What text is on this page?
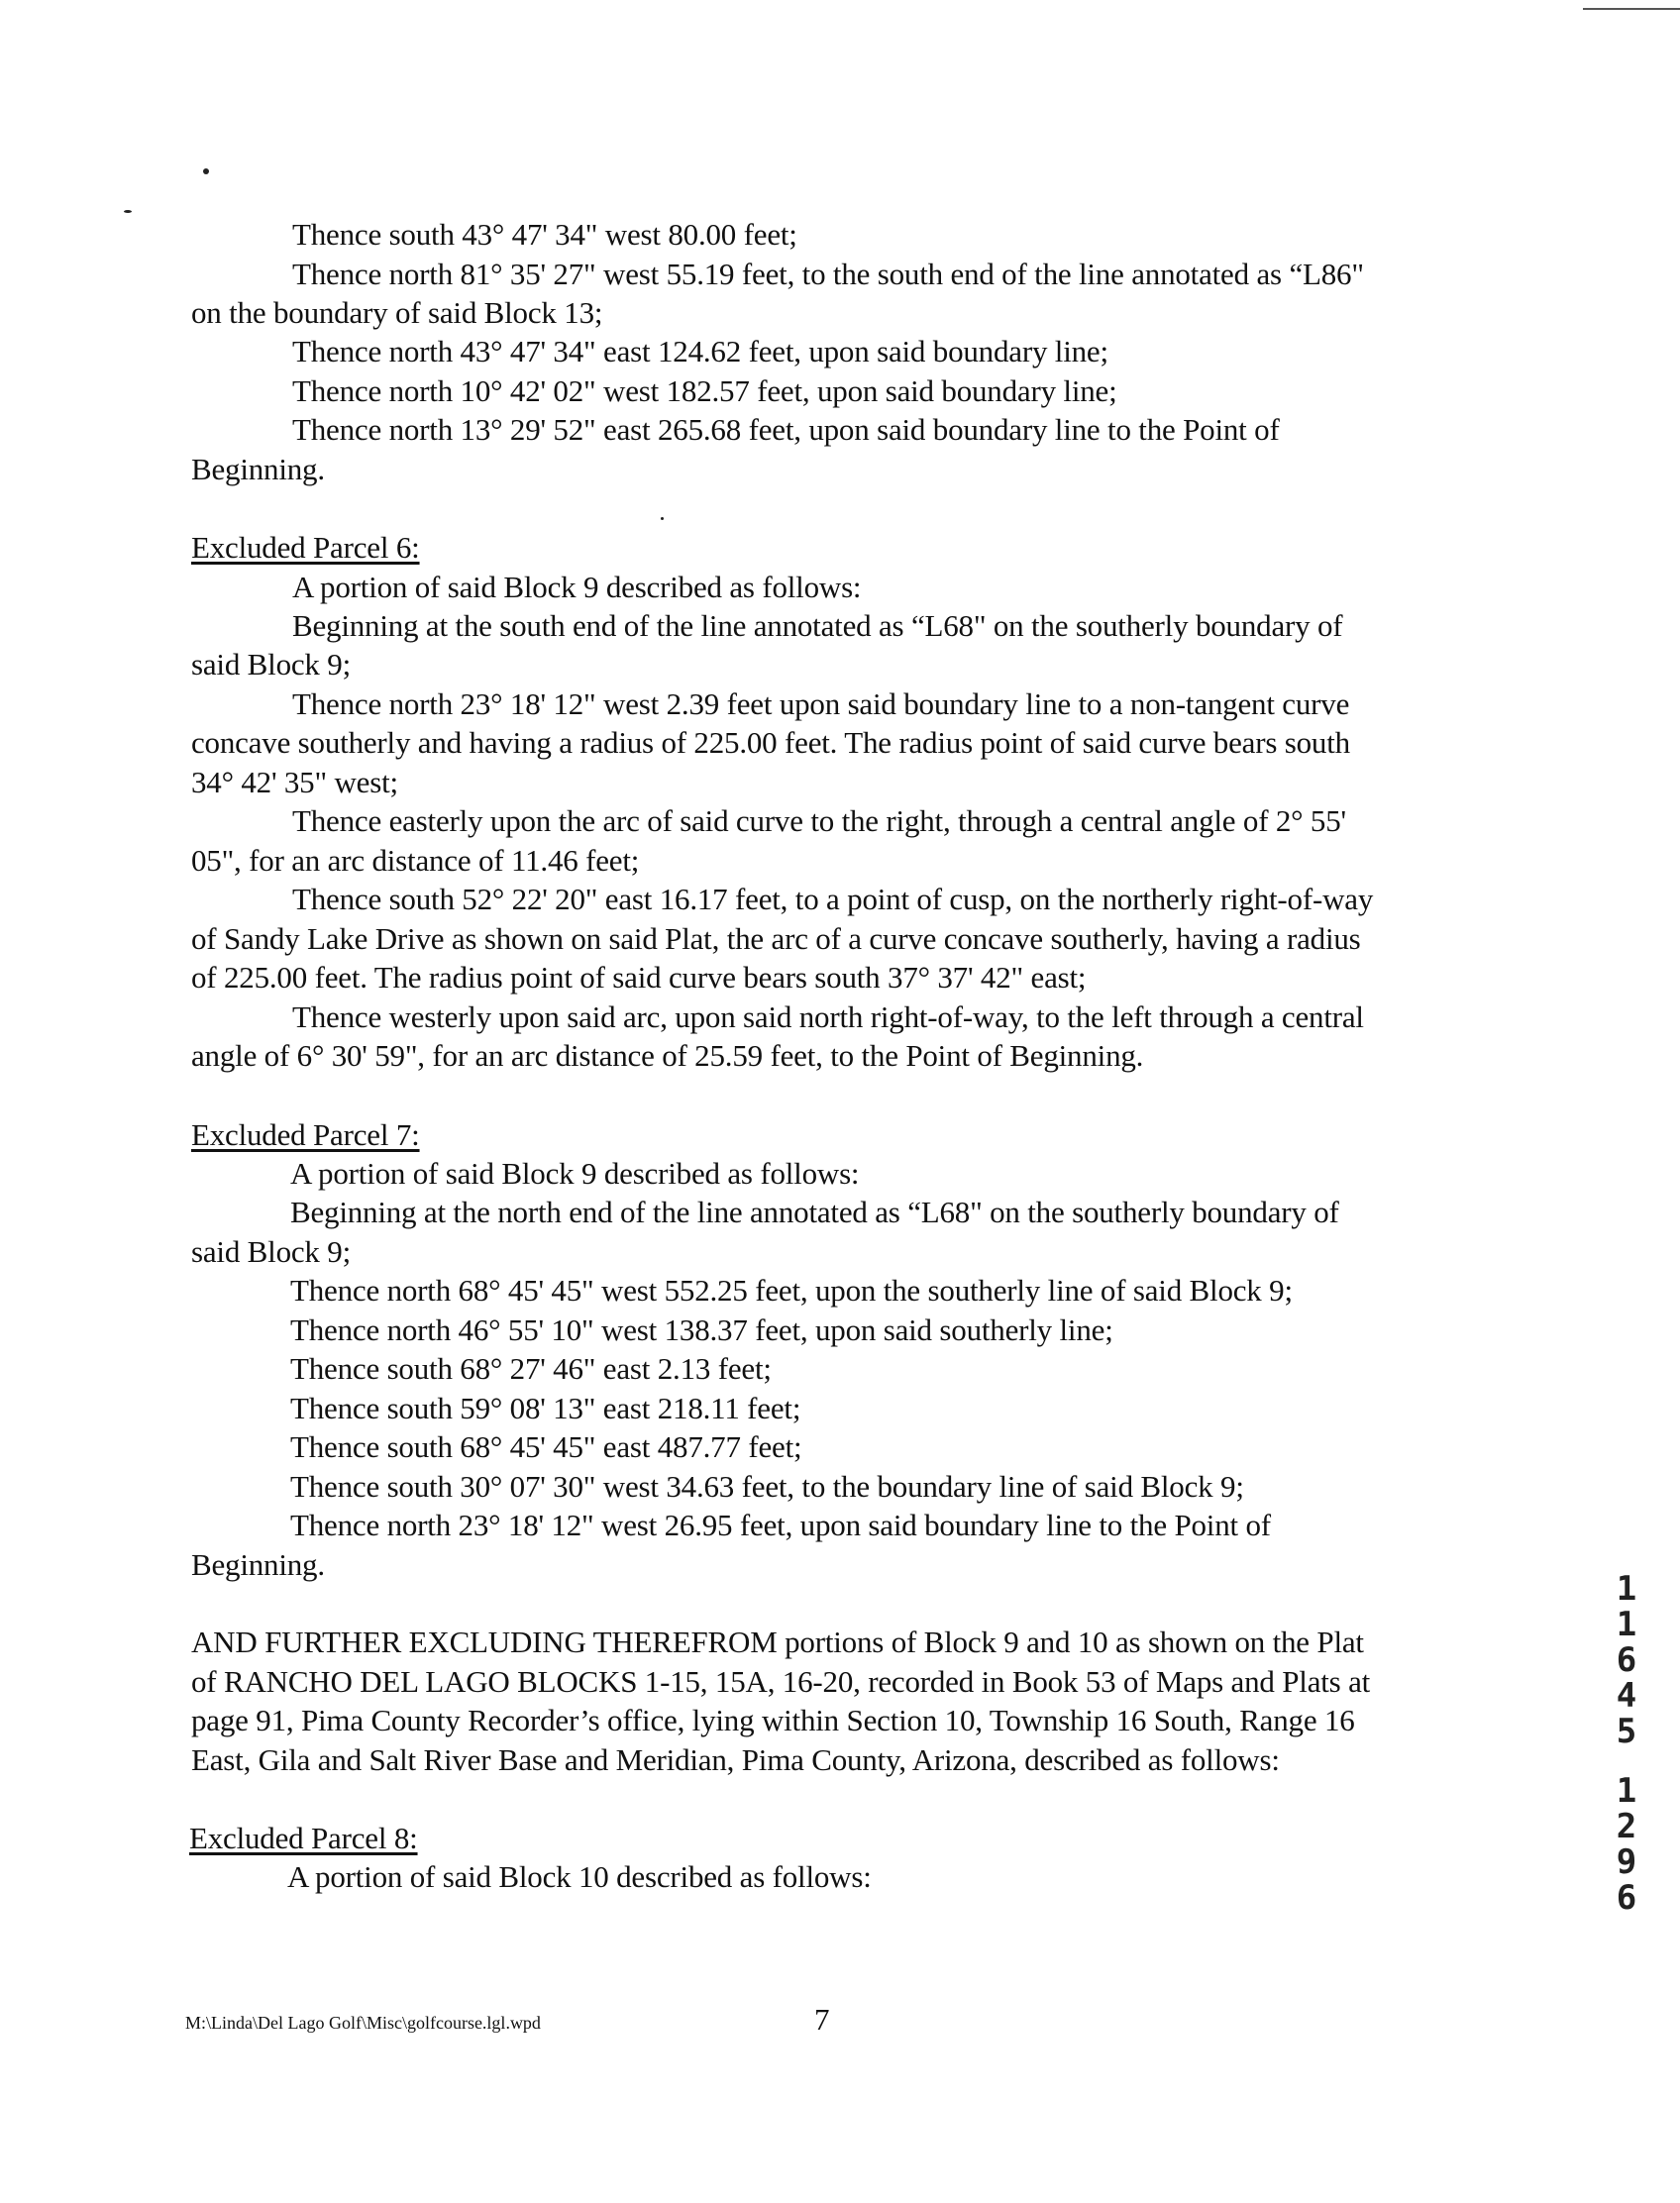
Thence south 43° 47' 34" west 80.00 feet;
Thence north 81° 35' 27" west 55.19 feet, to the south end of the line annotated as “L86"
on the boundary of said Block 13;
Thence north 43° 47' 34" east 124.62 feet, upon said boundary line;
Thence north 10° 42' 02" west 182.57 feet, upon said boundary line;
Thence north 13° 29' 52" east 265.68 feet, upon said boundary line to the Point of
Beginning.
Excluded Parcel 6:
A portion of said Block 9 described as follows:
Beginning at the south end of the line annotated as “L68" on the southerly boundary of
said Block 9;
Thence north 23° 18' 12" west 2.39 feet upon said boundary line to a non-tangent curve
concave southerly and having a radius of 225.00 feet. The radius point of said curve bears south
34° 42' 35" west;
Thence easterly upon the arc of said curve to the right, through a central angle of 2° 55'
05", for an arc distance of 11.46 feet;
Thence south 52° 22' 20" east 16.17 feet, to a point of cusp, on the northerly right-of-way
of Sandy Lake Drive as shown on said Plat, the arc of a curve concave southerly, having a radius
of 225.00 feet. The radius point of said curve bears south 37° 37' 42" east;
Thence westerly upon said arc, upon said north right-of-way, to the left through a central
angle of 6° 30' 59", for an arc distance of 25.59 feet, to the Point of Beginning.
Excluded Parcel 7:
A portion of said Block 9 described as follows:
Beginning at the north end of the line annotated as “L68" on the southerly boundary of
said Block 9;
Thence north 68° 45' 45" west 552.25 feet, upon the southerly line of said Block 9;
Thence north 46° 55' 10" west 138.37 feet, upon said southerly line;
Thence south 68° 27' 46" east 2.13 feet;
Thence south 59° 08' 13" east 218.11 feet;
Thence south 68° 45' 45" east 487.77 feet;
Thence south 30° 07' 30" west 34.63 feet, to the boundary line of said Block 9;
Thence north 23° 18' 12" west 26.95 feet, upon said boundary line to the Point of
Beginning.
AND FURTHER EXCLUDING THEREFROM portions of Block 9 and 10 as shown on the Plat
of RANCHO DEL LAGO BLOCKS 1-15, 15A, 16-20, recorded in Book 53 of Maps and Plats at
page 91, Pima County Recorder’s office, lying within Section 10, Township 16 South, Range 16
East, Gila and Salt River Base and Meridian, Pima County, Arizona, described as follows:
Excluded Parcel 8:
A portion of said Block 10 described as follows:
M:\Linda\Del Lago Golf\Misc\golfcourse.lgl.wpd	7
1
1
6
4
5
1
2
9
6
